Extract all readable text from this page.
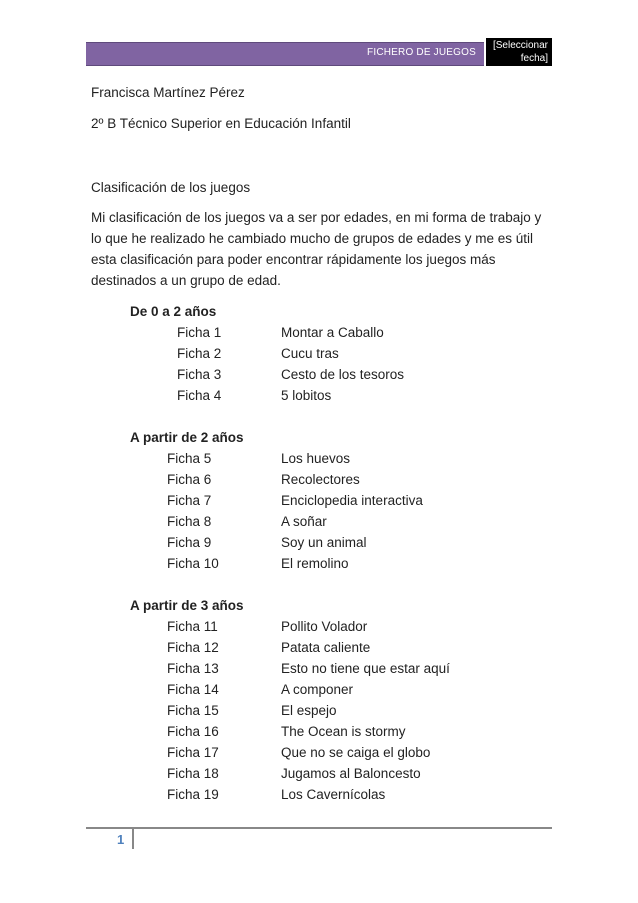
FICHERO DE JUEGOS
[Seleccionar
fecha]
Francisca Martínez Pérez
2º B Técnico Superior en Educación Infantil
Clasificación de los juegos
Mi clasificación de los juegos va a ser por edades, en mi forma de trabajo y
lo que he realizado he cambiado mucho de grupos de edades y me es útil
esta clasificación para poder encontrar rápidamente los juegos más
destinados a un grupo de edad.
De 0 a 2 años
Ficha 1	Montar a Caballo
Ficha 2	Cucu tras
Ficha 3	Cesto de los tesoros
Ficha 4	5 lobitos
A partir de 2 años
Ficha 5	Los huevos
Ficha 6	Recolectores
Ficha 7	Enciclopedia interactiva
Ficha 8	A soñar
Ficha 9	Soy un animal
Ficha 10	El remolino
A partir de 3 años
Ficha 11	Pollito Volador
Ficha 12	Patata caliente
Ficha 13	Esto no tiene que estar aquí
Ficha 14	A componer
Ficha 15	El espejo
Ficha 16	The Ocean is stormy
Ficha 17	Que no se caiga el globo
Ficha 18	Jugamos al Baloncesto
Ficha 19	Los Cavernícolas
1
